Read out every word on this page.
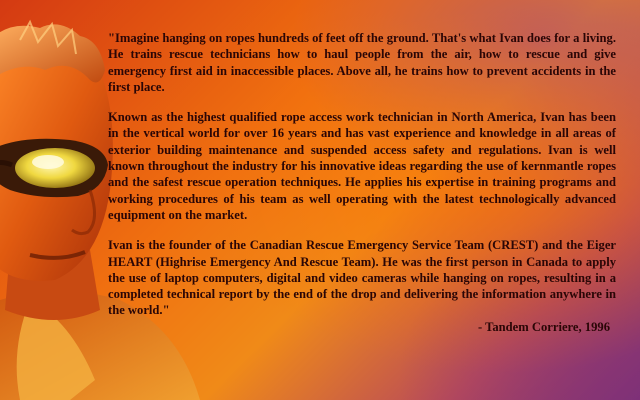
"Imagine hanging on ropes hundreds of feet off the ground. That's what Ivan does for a living. He trains rescue technicians how to haul people from the air, how to rescue and give emergency first aid in inaccessible places. Above all, he trains how to prevent accidents in the first place.

Known as the highest qualified rope access work technician in North America, Ivan has been in the vertical world for over 16 years and has vast experience and knowledge in all areas of exterior building maintenance and suspended access safety and regulations. Ivan is well known throughout the industry for his innovative ideas regarding the use of kernmantle ropes and the safest rescue operation techniques. He applies his expertise in training programs and working procedures of his team as well operating with the latest technologically advanced equipment on the market.

Ivan is the founder of the Canadian Rescue Emergency Service Team (CREST) and the Eiger HEART (Highrise Emergency And Rescue Team). He was the first person in Canada to apply the use of laptop computers, digital and video cameras while hanging on ropes, resulting in a completed technical report by the end of the drop and delivering the information anywhere in the world."

- Tandem Corriere, 1996
